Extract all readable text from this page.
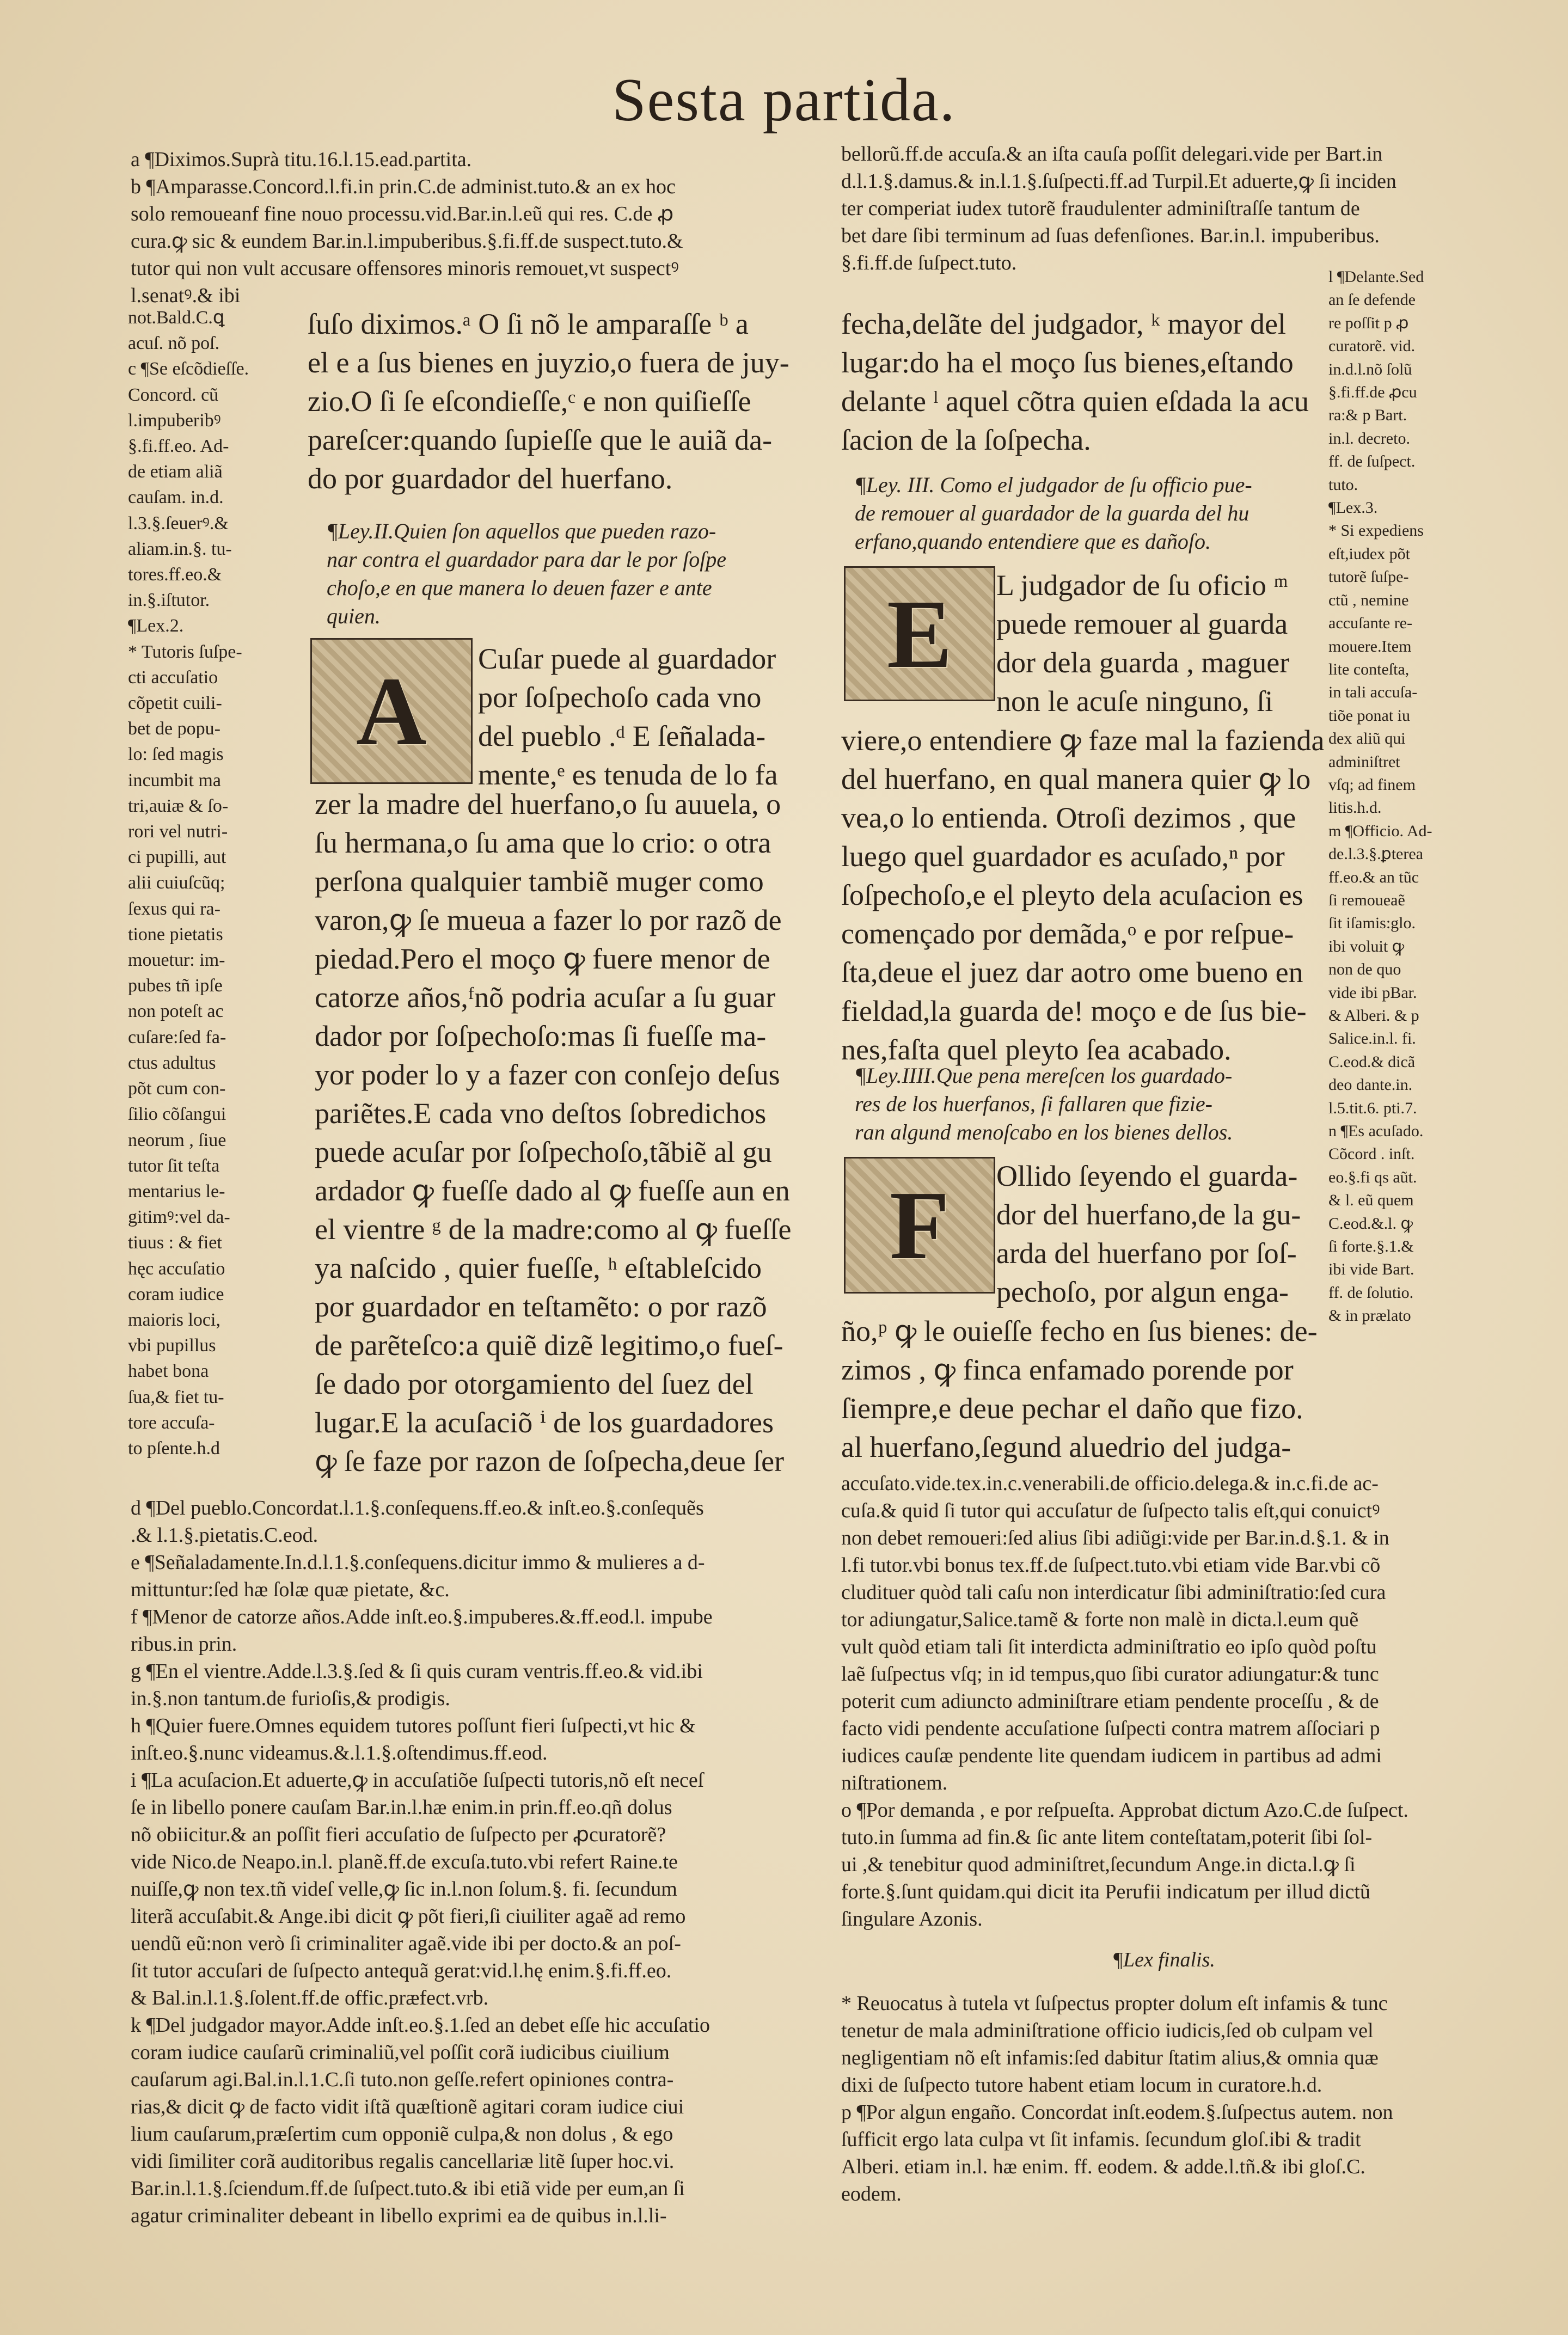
Sesta partida.
a ¶Diximos.Suprà titu.16.l.15.ead.partita.
b ¶Amparasse.Concord.l.fi.in prin.C.de administ.tuto.& an ex hoc
solo remoueanf fine nouo processu.vid.Bar.in.l.eũ qui res. C.de ꝓ
cura.ꝙ sic & eundem Bar.in.l.impuberibus.§.fi.ff.de suspect.tuto.&
tutor qui non vult accusare offensores minoris remouet,vt suspectꝰ
l.senatꝰ.& ibi
not.Bald.C.ꝗ
acuſ. nõ poſ.
c ¶Se eſcõdieſſe.
Concord. cũ
l.impuberibꝰ
§.fi.ff.eo. Ad-
de etiam aliã
cauſam. in.d.
l.3.§.ſeuerꝰ.&
aliam.in.§. tu-
tores.ff.eo.&
in.§.iſtutor.
¶Lex.2.
* Tutoris ſuſpe-
cti accuſatio
cõpetit cuili-
bet de popu-
lo: ſed magis
incumbit ma
tri,auiæ & ſo-
rori vel nutri-
ci pupilli, aut
alii cuiuſcũq;
ſexus qui ra-
tione pietatis
mouetur: im-
pubes tñ ipſe
non poteſt ac
cuſare:ſed fa-
ctus adultus
põt cum con-
ſilio cõſangui
neorum , ſiue
tutor ſit teſta
mentarius le-
gitimꝰ:vel da-
tiuus : & fiet
hęc accuſatio
coram iudice
maioris loci,
vbi pupillus
habet bona
ſua,& fiet tu-
tore accuſa-
to pſente.h.d
ſuſo diximos.ᵃ O ſi nõ le amparaſſe ᵇ a
el e a ſus bienes en juyzio,o fuera de juy-
zio.O ſi ſe eſcondieſſe,ᶜ e non quiſieſſe
pareſcer:quando ſupieſſe que le auiã da-
do por guardador del huerfano.
¶Ley.II.Quien ſon aquellos que pueden razo-
nar contra el guardador para dar le por ſoſpe
choſo,e en que manera lo deuen fazer e ante
quien.
A	Cuſar puede al guardador
por ſoſpechoſo cada vno
del pueblo .ᵈ E ſeñalada-
mente,ᵉ es tenuda de lo fa
zer la madre del huerfano,o ſu auuela, o
ſu hermana,o ſu ama que lo crio: o otra
perſona qualquier tambiẽ muger como
varon,ꝙ ſe mueua a fazer lo por razõ de
piedad.Pero el moço ꝙ fuere menor de
catorze años,ᶠnõ podria acuſar a ſu guar
dador por ſoſpechoſo:mas ſi fueſſe ma-
yor poder lo y a fazer con conſejo deſus
pariẽtes.E cada vno deſtos ſobredichos
puede acuſar por ſoſpechoſo,tãbiẽ al gu
ardador ꝙ fueſſe dado al ꝙ fueſſe aun en
el vientre ᵍ de la madre:como al ꝙ fueſſe
ya naſcido , quier fueſſe, ʰ eſtableſcido
por guardador en teſtamẽto: o por razõ
de parẽteſco:a quiẽ dizẽ legitimo,o fueſ-
ſe dado por otorgamiento del ſuez del
lugar.E la acuſaciõ ⁱ de los guardadores
ꝙ ſe faze por razon de ſoſpecha,deue ſer
bellorũ.ff.de accuſa.& an iſta cauſa poſſit delegari.vide per Bart.in
d.l.1.§.damus.& in.l.1.§.ſuſpecti.ff.ad Turpil.Et aduerte,ꝙ ſi inciden
ter comperiat iudex tutorẽ fraudulenter adminiſtraſſe tantum de
bet dare ſibi terminum ad ſuas defenſiones. Bar.in.l. impuberibus.
§.fi.ff.de ſuſpect.tuto.
fecha,delãte del judgador, ᵏ mayor del
lugar:do ha el moço ſus bienes,eſtando
delante ˡ aquel cõtra quien eſdada la acu
ſacion de la ſoſpecha.
¶Ley. III. Como el judgador de ſu officio pue-
de remouer al guardador de la guarda del hu
erfano,quando entendiere que es dañoſo.
E	L judgador de ſu oficio ᵐ
puede remouer al guarda
dor dela guarda , maguer
non le acuſe ninguno, ſi
viere,o entendiere ꝙ faze mal la fazienda
del huerfano, en qual manera quier ꝙ lo
vea,o lo entienda. Otroſi dezimos , que
luego quel guardador es acuſado,ⁿ por
ſoſpechoſo,e el pleyto dela acuſacion es
començado por demãda,ᵒ e por reſpue-
ſta,deue el juez dar aotro ome bueno en
fieldad,la guarda de! moço e de ſus bie-
nes,faſta quel pleyto ſea acabado.
¶Ley.IIII.Que pena mereſcen los guardado-
res de los huerfanos, ſi fallaren que fizie-
ran algund menoſcabo en los bienes dellos.
F	Ollido ſeyendo el guarda-
dor del huerfano,de la gu-
arda del huerfano por ſoſ-
pechoſo, por algun enga-
ño,ᵖ ꝙ le ouieſſe fecho en ſus bienes: de-
zimos , ꝙ finca enfamado porende por
ſiempre,e deue pechar el daño que fizo.
al huerfano,ſegund aluedrio del judga-
l ¶Delante.Sed
an ſe defende
re poſſit p ꝓ
curatorẽ. vid.
in.d.l.nõ ſolũ
§.fi.ff.de ꝓcu
ra:& p Bart.
in.l. decreto.
ff. de ſuſpect.
tuto.
¶Lex.3.
* Si expediens
eſt,iudex põt
tutorẽ ſuſpe-
ctũ , nemine
accuſante re-
mouere.Item
lite conteſta,
in tali accuſa-
tiõe ponat iu
dex aliũ qui
adminiſtret
vſq; ad finem
litis.h.d.
m ¶Officio. Ad-
de.l.3.§.ꝑterea
ff.eo.& an tũc
ſi remoueaẽ
ſit iſamis:glo.
ibi voluit ꝙ
non de quo
vide ibi pBar.
& Alberi. & p
Salice.in.l. fi.
C.eod.& dicã
deo dante.in.
l.5.tit.6. pti.7.
n ¶Es acuſado.
Cõcord . inſt.
eo.§.fi qs aũt.
& l. eũ quem
C.eod.&.l. ꝙ
ſi forte.§.1.&
ibi vide Bart.
ff. de ſolutio.
& in prælato
d ¶Del pueblo.Concordat.l.1.§.conſequens.ff.eo.& inſt.eo.§.conſequẽs
.& l.1.§.pietatis.C.eod.
e ¶Señaladamente.In.d.l.1.§.conſequens.dicitur immo & mulieres a d-
mittuntur:ſed hæ ſolæ quæ pietate, &c.
f ¶Menor de catorze años.Adde inſt.eo.§.impuberes.&.ff.eod.l. impube
ribus.in prin.
g ¶En el vientre.Adde.l.3.§.ſed & ſi quis curam ventris.ff.eo.& vid.ibi
in.§.non tantum.de furioſis,& prodigis.
h ¶Quier fuere.Omnes equidem tutores poſſunt fieri ſuſpecti,vt hic &
inſt.eo.§.nunc videamus.&.l.1.§.oſtendimus.ff.eod.
i ¶La acuſacion.Et aduerte,ꝙ in accuſatiõe ſuſpecti tutoris,nõ eſt neceſ
ſe in libello ponere cauſam Bar.in.l.hæ enim.in prin.ff.eo.qñ dolus
nõ obiicitur.& an poſſit fieri accuſatio de ſuſpecto per ꝓcuratorẽ?
vide Nico.de Neapo.in.l. planẽ.ff.de excuſa.tuto.vbi refert Raine.te
nuiſſe,ꝙ non tex.tñ videſ velle,ꝙ ſic in.l.non ſolum.§. fi. ſecundum
literã accuſabit.& Ange.ibi dicit ꝙ põt fieri,ſi ciuiliter agaẽ ad remo
uendũ eũ:non verò ſi criminaliter agaẽ.vide ibi per docto.& an poſ-
ſit tutor accuſari de ſuſpecto antequã gerat:vid.l.hę enim.§.fi.ff.eo.
& Bal.in.l.1.§.ſolent.ff.de offic.præfect.vrb.
k ¶Del judgador mayor.Adde inſt.eo.§.1.ſed an debet eſſe hic accuſatio
coram iudice cauſarũ criminaliũ,vel poſſit corã iudicibus ciuilium
cauſarum agi.Bal.in.l.1.C.ſi tuto.non geſſe.refert opiniones contra-
rias,& dicit ꝙ de facto vidit iſtã quæſtionẽ agitari coram iudice ciui
lium cauſarum,præſertim cum opponiẽ culpa,& non dolus , & ego
vidi ſimiliter corã auditoribus regalis cancellariæ litẽ ſuper hoc.vi.
Bar.in.l.1.§.ſciendum.ff.de ſuſpect.tuto.& ibi etiã vide per eum,an ſi
agatur criminaliter debeant in libello exprimi ea de quibus in.l.li-
accuſato.vide.tex.in.c.venerabili.de officio.delega.& in.c.fi.de ac-
cuſa.& quid ſi tutor qui accuſatur de ſuſpecto talis eſt,qui conuictꝰ
non debet remoueri:ſed alius ſibi adiũgi:vide per Bar.in.d.§.1. & in
l.fi tutor.vbi bonus tex.ff.de ſuſpect.tuto.vbi etiam vide Bar.vbi cõ
cludituer quòd tali caſu non interdicatur ſibi adminiſtratio:ſed cura
tor adiungatur,Salice.tamẽ & forte non malè in dicta.l.eum quẽ
vult quòd etiam tali ſit interdicta adminiſtratio eo ipſo quòd poſtu
laẽ ſuſpectus vſq; in id tempus,quo ſibi curator adiungatur:& tunc
poterit cum adiuncto adminiſtrare etiam pendente proceſſu , & de
facto vidi pendente accuſatione ſuſpecti contra matrem aſſociari p
iudices cauſæ pendente lite quendam iudicem in partibus ad admi
niſtrationem.
o ¶Por demanda , e por reſpueſta. Approbat dictum Azo.C.de ſuſpect.
tuto.in ſumma ad fin.& ſic ante litem conteſtatam,poterit ſibi ſol-
ui ,& tenebitur quod adminiſtret,ſecundum Ange.in dicta.l.ꝙ ſi
forte.§.ſunt quidam.qui dicit ita Perufii indicatum per illud dictũ
ſingulare Azonis.
¶Lex finalis.
* Reuocatus à tutela vt ſuſpectus propter dolum eſt infamis & tunc
tenetur de mala adminiſtratione officio iudicis,ſed ob culpam vel
negligentiam nõ eſt infamis:ſed dabitur ſtatim alius,& omnia quæ
dixi de ſuſpecto tutore habent etiam locum in curatore.h.d.
p ¶Por algun engaño. Concordat inſt.eodem.§.ſuſpectus autem. non
ſufficit ergo lata culpa vt ſit infamis. ſecundum gloſ.ibi & tradit
Alberi. etiam in.l. hæ enim. ff. eodem. & adde.l.tñ.& ibi gloſ.C.
eodem.
